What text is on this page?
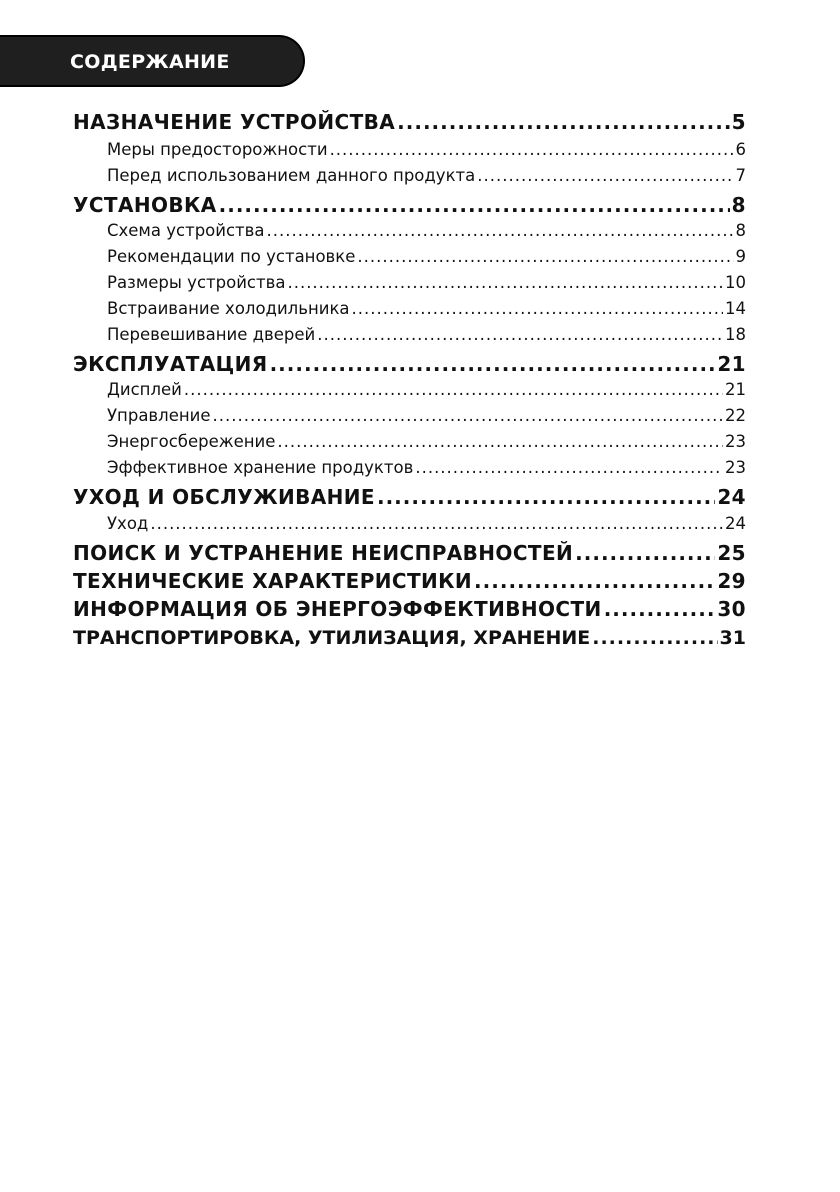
СОДЕРЖАНИЕ
НАЗНАЧЕНИЕ УСТРОЙСТВА .....	5
Меры предосторожности .....	6
Перед использованием данного продукта .....	7
УСТАНОВКА .....	8
Схема устройства .....	8
Рекомендации по установке .....	9
Размеры устройства .....	10
Встраивание холодильника .....	14
Перевешивание дверей .....	18
ЭКСПЛУАТАЦИЯ .....	21
Дисплей .....	21
Управление .....	22
Энергосбережение .....	23
Эффективное хранение продуктов .....	23
УХОД И ОБСЛУЖИВАНИЕ .....	24
Уход .....	24
ПОИСК И УСТРАНЕНИЕ НЕИСПРАВНОСТЕЙ .....	25
ТЕХНИЧЕСКИЕ ХАРАКТЕРИСТИКИ .....	29
ИНФОРМАЦИЯ ОБ ЭНЕРГОЭФФЕКТИВНОСТИ .....	30
ТРАНСПОРТИРОВКА, УТИЛИЗАЦИЯ, ХРАНЕНИЕ .....	31
